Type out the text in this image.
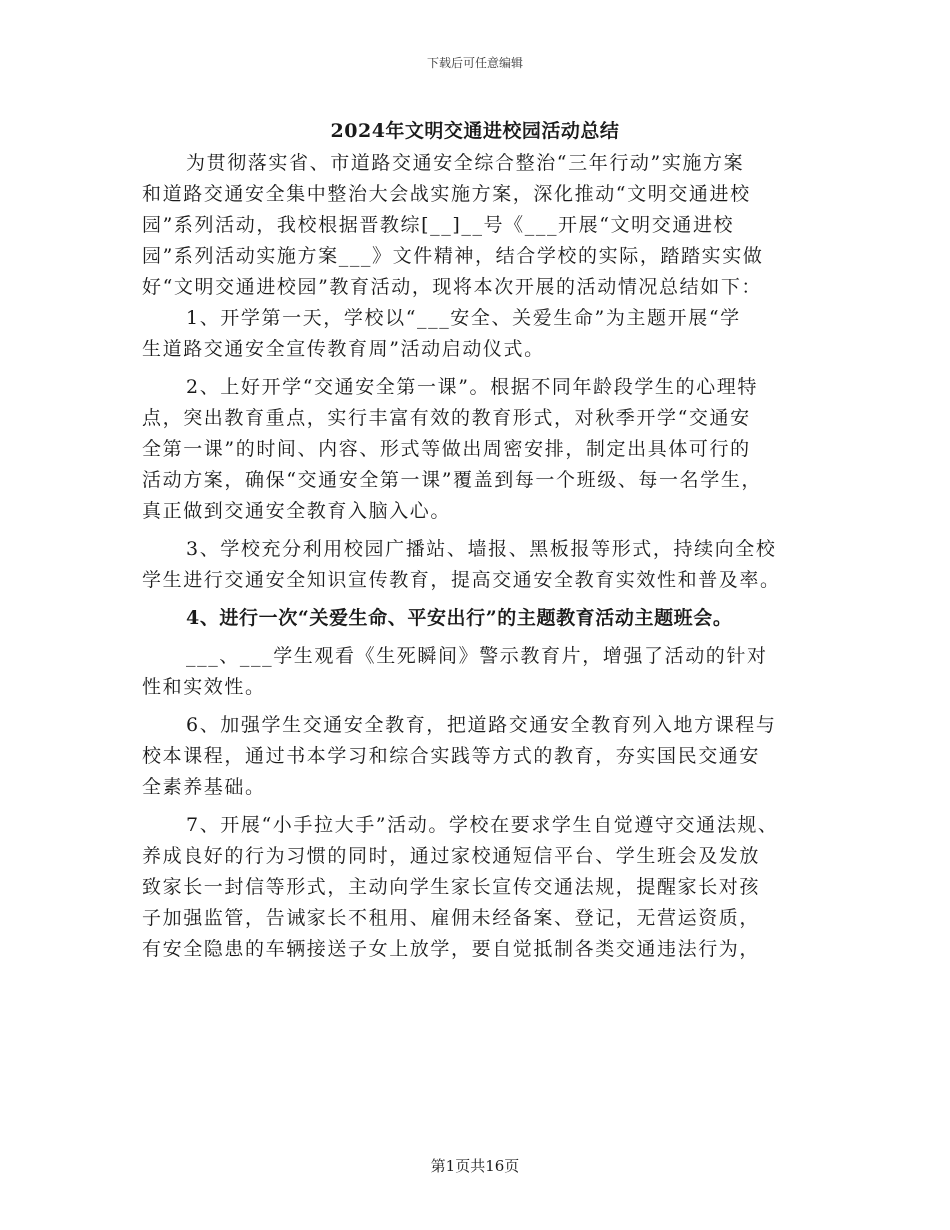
下载后可任意编辑
2024年文明交通进校园活动总结
为贯彻落实省、市道路交通安全综合整治“三年行动”实施方案
和道路交通安全集中整治大会战实施方案，深化推动“文明交通进校
园”系列活动，我校根据晋教综[__]__号《___开展“文明交通进校
园”系列活动实施方案___》文件精神，结合学校的实际，踏踏实实做
好“文明交通进校园”教育活动，现将本次开展的活动情况总结如下：
1、开学第一天，学校以“___安全、关爱生命”为主题开展“学
生道路交通安全宣传教育周”活动启动仪式。
2、上好开学“交通安全第一课”。根据不同年龄段学生的心理特
点，突出教育重点，实行丰富有效的教育形式，对秋季开学“交通安
全第一课”的时间、内容、形式等做出周密安排，制定出具体可行的
活动方案，确保“交通安全第一课”覆盖到每一个班级、每一名学生，
真正做到交通安全教育入脑入心。
3、学校充分利用校园广播站、墙报、黑板报等形式，持续向全校
学生进行交通安全知识宣传教育，提高交通安全教育实效性和普及率。
4、进行一次“关爱生命、平安出行”的主题教育活动主题班会。
___、___学生观看《生死瞬间》警示教育片，增强了活动的针对
性和实效性。
6、加强学生交通安全教育，把道路交通安全教育列入地方课程与
校本课程，通过书本学习和综合实践等方式的教育，夯实国民交通安
全素养基础。
7、开展“小手拉大手”活动。学校在要求学生自觉遵守交通法规、
养成良好的行为习惯的同时，通过家校通短信平台、学生班会及发放
致家长一封信等形式，主动向学生家长宣传交通法规，提醒家长对孩
子加强监管，告诫家长不租用、雇佣未经备案、登记，无营运资质，
有安全隐患的车辆接送子女上放学，要自觉抵制各类交通违法行为，
第1页共16页
